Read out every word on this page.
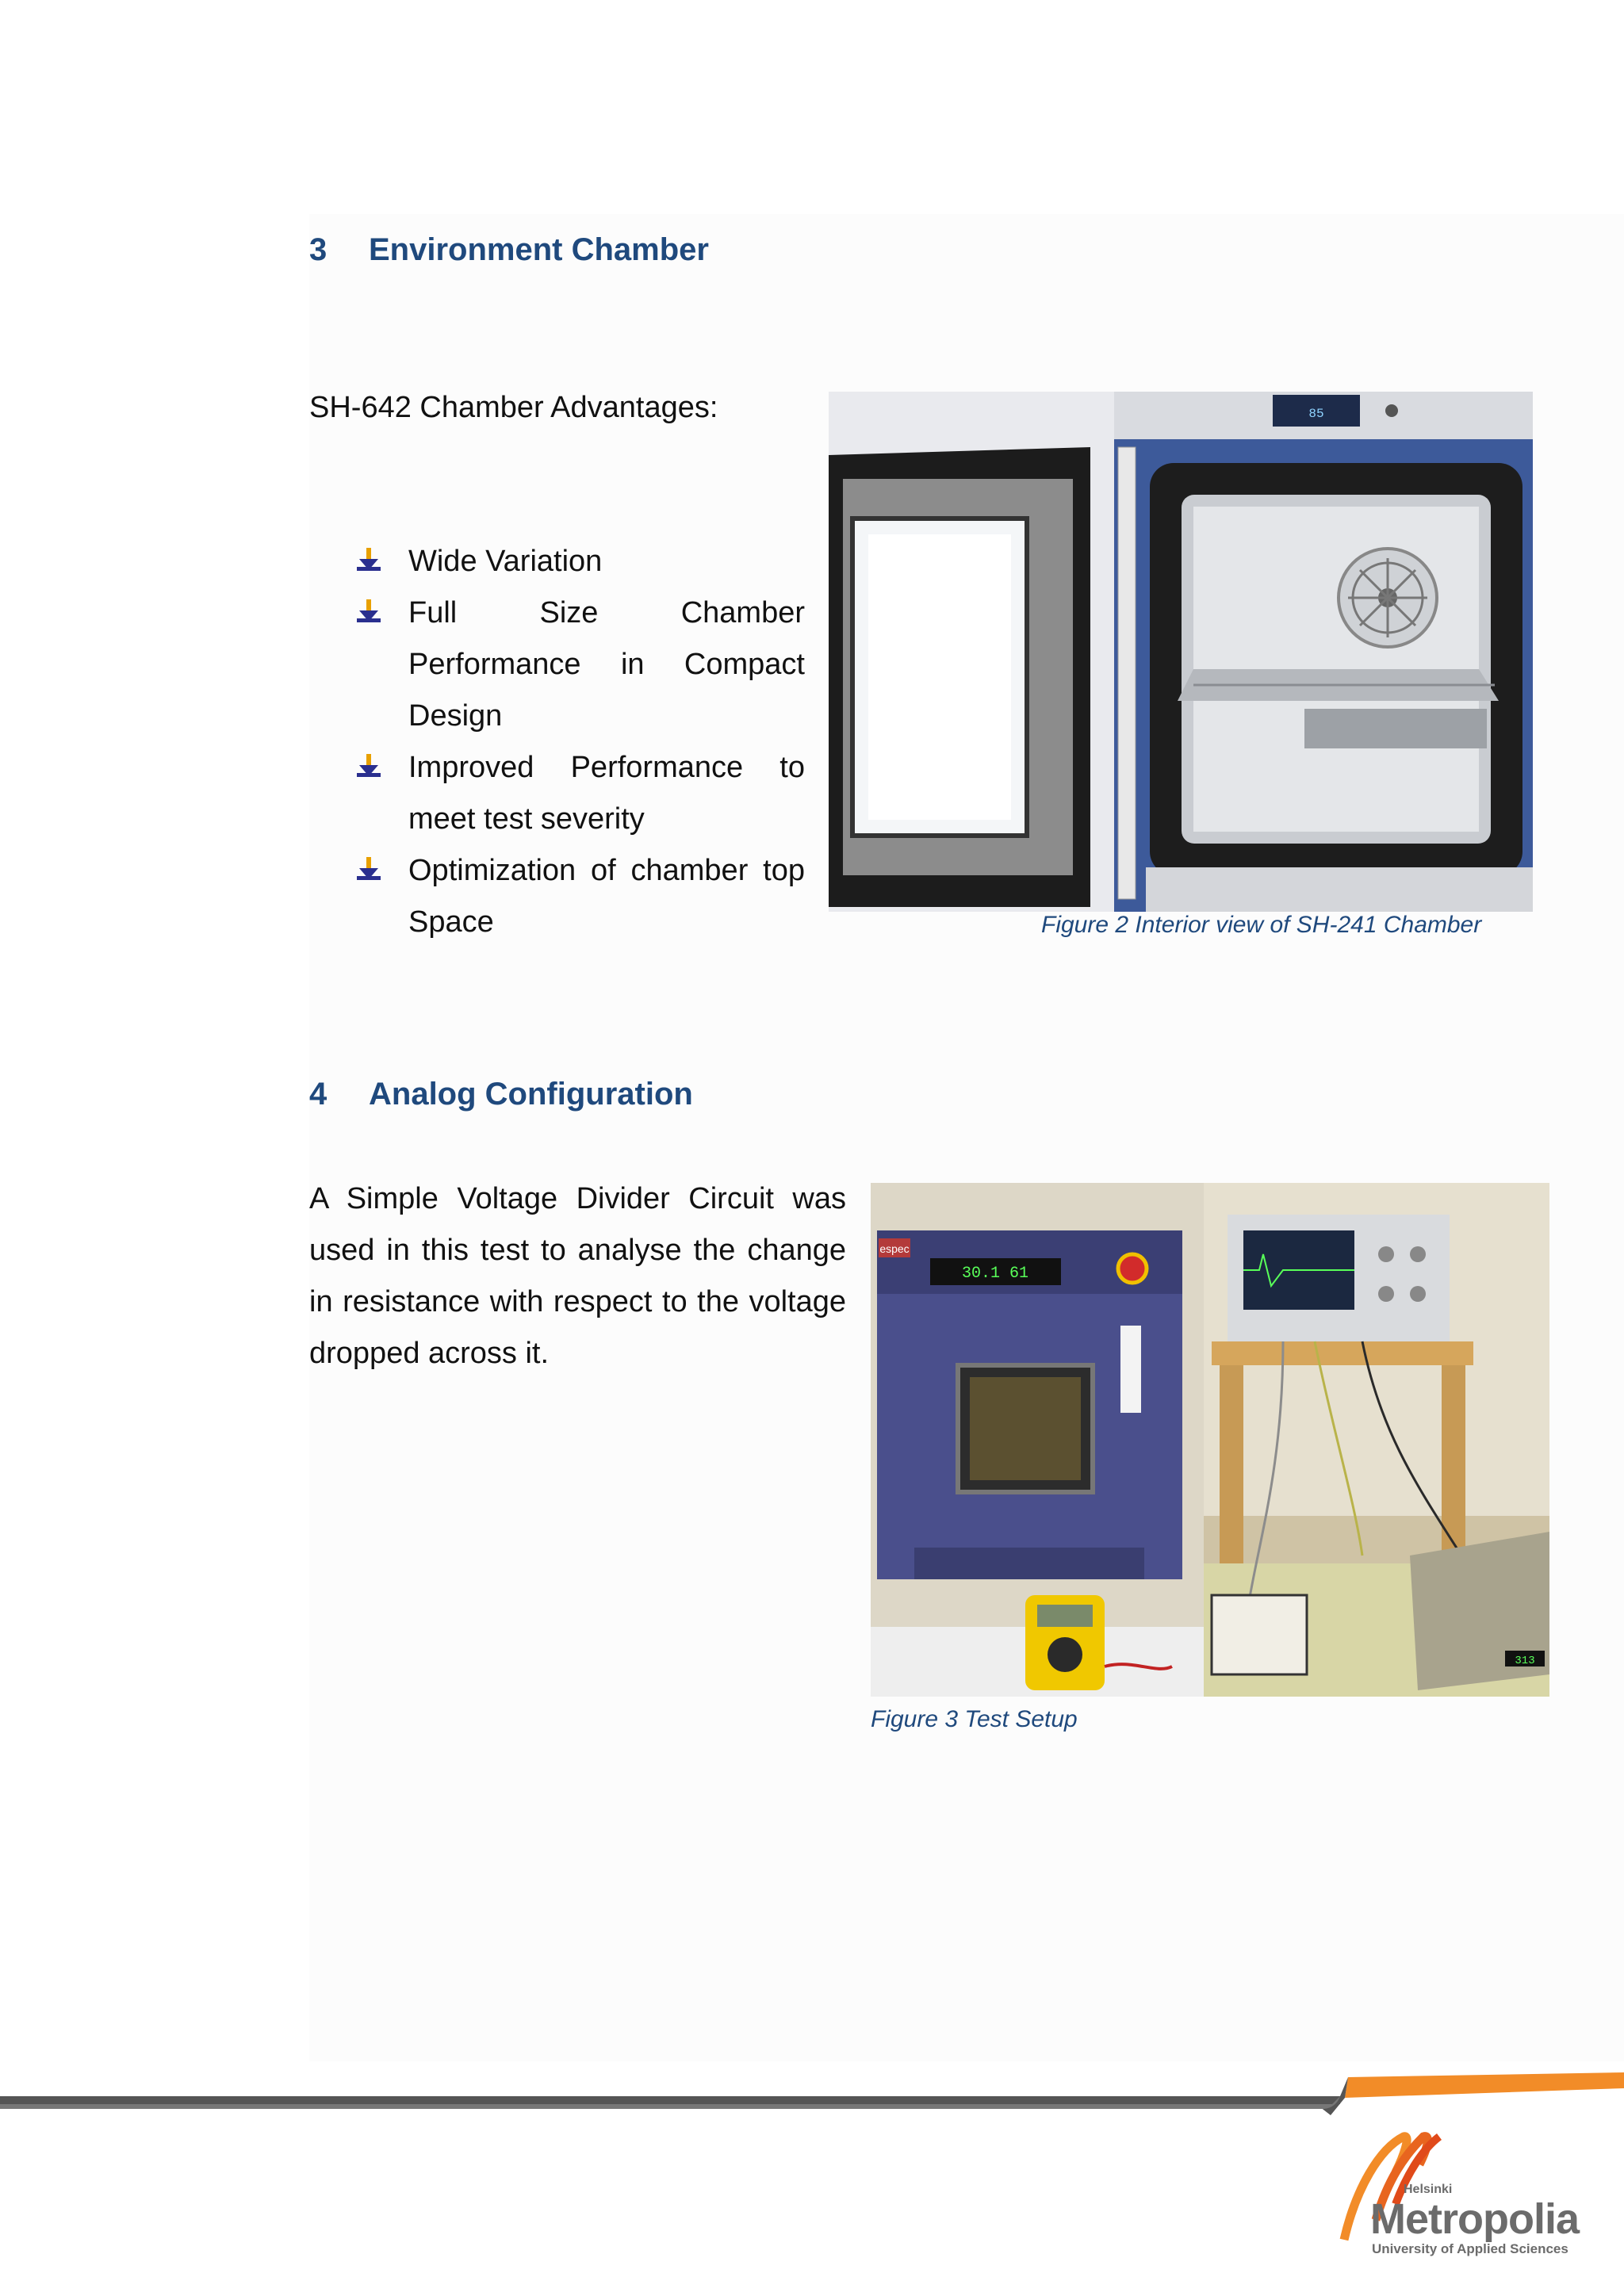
3 Environment Chamber
SH-642 Chamber Advantages:
Wide Variation
Full Size Chamber Performance in Compact Design
Improved Performance to meet test severity
Optimization of chamber top Space
85
Figure 2 Interior view of SH-241 Chamber
4 Analog Configuration
A Simple Voltage Divider Circuit was used in this test to analyse the change in resistance with respect to the voltage dropped across it.
espec
30.1 61
313
Figure 3 Test Setup
Helsinki
Metropolia
University of Applied Sciences
